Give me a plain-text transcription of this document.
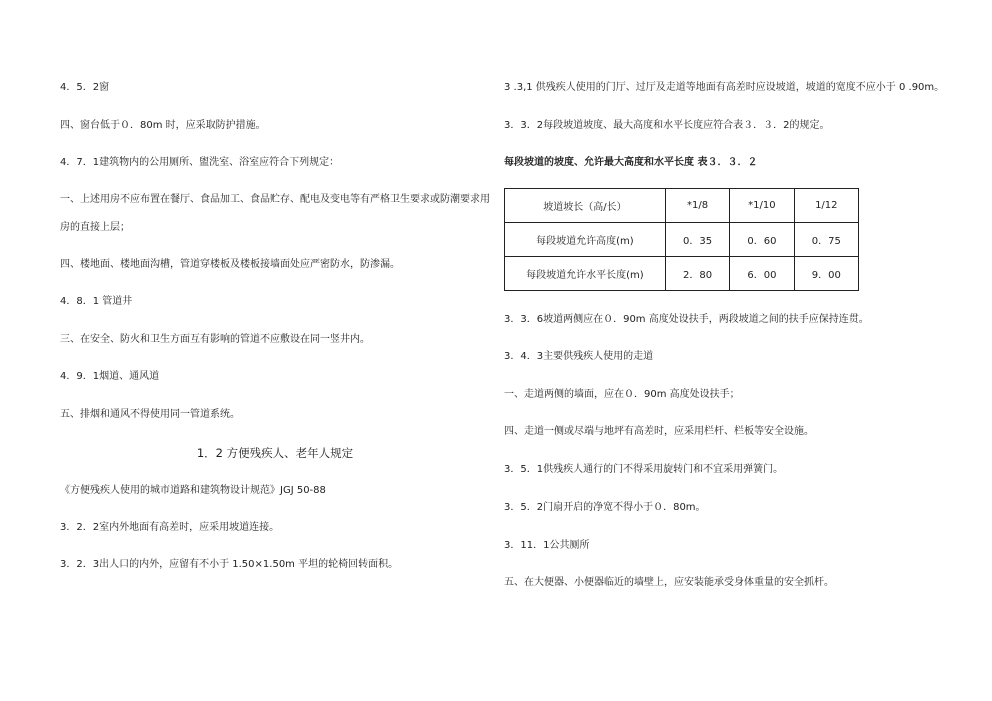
4．5．2窗
四、窗台低于０．80m 时，应采取防护措施。
4．7．1建筑物内的公用厕所、盥洗室、浴室应符合下列规定：
一、上述用房不应布置在餐厅、食品加工、食品贮存、配电及变电等有严格卫生要求或防潮要求用房的直接上层；
四、楼地面、楼地面沟槽，管道穿楼板及楼板接墙面处应严密防水，防渗漏。
4．8．1 管道井
三、在安全、防火和卫生方面互有影响的管道不应敷设在同一竖井内。
4．9．1烟道、通风道
五、排烟和通风不得使用同一管道系统。
1．2 方便残疾人、老年人规定
《方便残疾人使用的城市道路和建筑物设计规范》JGJ 50-88
3．2．2室内外地面有高差时，应采用坡道连接。
3．2．3出人口的内外，应留有不小于 1.50×1.50m 平坦的轮椅回转面积。
3 .3,1 供残疾人使用的门厅、过厅及走道等地面有高差时应设坡道，坡道的宽度不应小于 0 .90m。
3．3．2每段坡道坡度、最大高度和水平长度应符合表３．３．2的规定。
每段坡道的坡度、允许最大高度和水平长度 表３．３．２
坡道坡长（高/长）	*1/8	*1/10	1/12
每段坡道允许高度(m)	0．35	0．60	0．75
每段坡道允许水平长度(m)	2．80	6．00	9．00
3．3．6坡道两侧应在０．90m 高度处设扶手，两段坡道之间的扶手应保持连贯。
3．4．3主要供残疾人使用的走道
一、走道两侧的墙面，应在０．90m 高度处设扶手；
四、走道一侧或尽端与地坪有高差时，应采用栏杆、栏板等安全设施。
3．5．1供残疾人通行的门不得采用旋转门和不宜采用弹簧门。
3．5．2门扇开启的净宽不得小于０．80m。
3．11．1公共厕所
五、在大便器、小便器临近的墙壁上，应安装能承受身体重量的安全抓杆。
